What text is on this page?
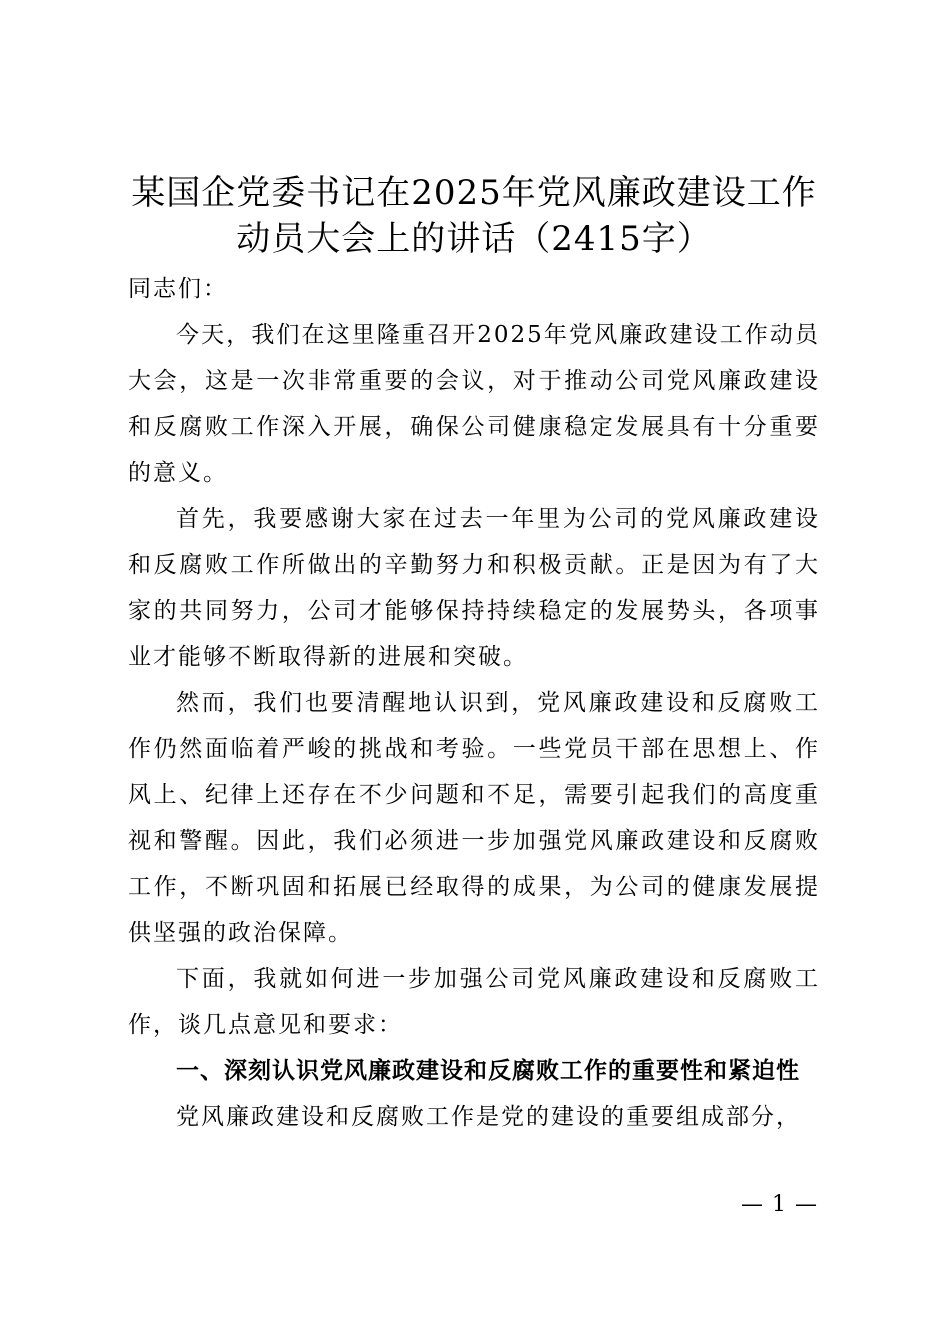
某国企党委书记在2025年党风廉政建设工作
动员大会上的讲话（2415字）

同志们：

今天，我们在这里隆重召开2025年党风廉政建设工作动员大会，这是一次非常重要的会议，对于推动公司党风廉政建设和反腐败工作深入开展，确保公司健康稳定发展具有十分重要的意义。

首先，我要感谢大家在过去一年里为公司的党风廉政建设和反腐败工作所做出的辛勤努力和积极贡献。正是因为有了大家的共同努力，公司才能够保持持续稳定的发展势头，各项事业才能够不断取得新的进展和突破。

然而，我们也要清醒地认识到，党风廉政建设和反腐败工作仍然面临着严峻的挑战和考验。一些党员干部在思想上、作风上、纪律上还存在不少问题和不足，需要引起我们的高度重视和警醒。因此，我们必须进一步加强党风廉政建设和反腐败工作，不断巩固和拓展已经取得的成果，为公司的健康发展提供坚强的政治保障。

下面，我就如何进一步加强公司党风廉政建设和反腐败工作，谈几点意见和要求：

一、深刻认识党风廉政建设和反腐败工作的重要性和紧迫性

党风廉政建设和反腐败工作是党的建设的重要组成部分，

— 1 —
